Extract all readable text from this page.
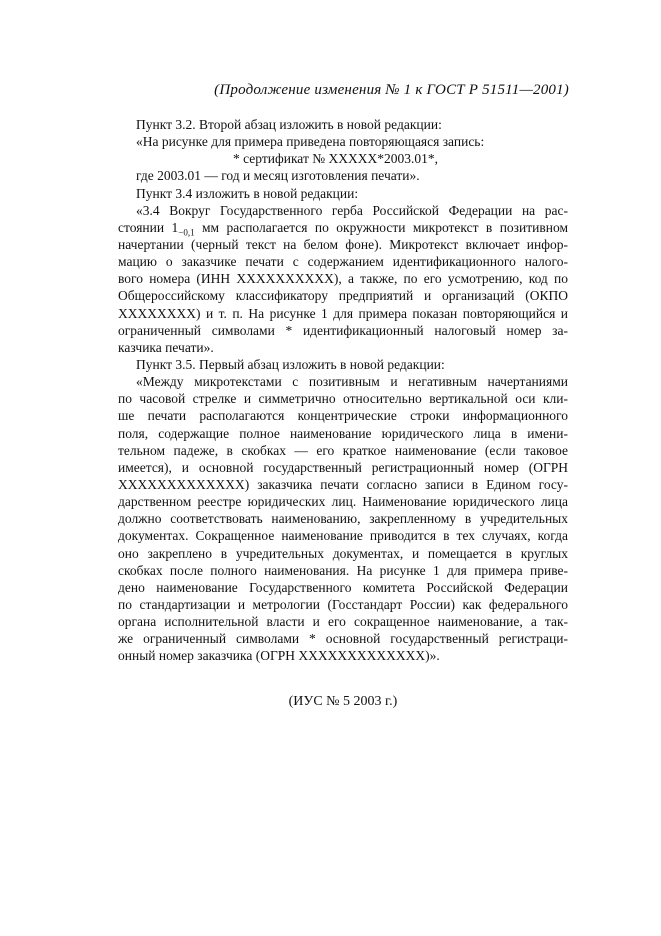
(Продолжение изменения № 1 к ГОСТ Р 51511—2001)
Пункт 3.2. Второй абзац изложить в новой редакции:
«На рисунке для примера приведена повторяющаяся запись:
* сертификат № XXXXX*2003.01*,
где 2003.01 — год и месяц изготовления печати».
Пункт 3.4 изложить в новой редакции:
«3.4 Вокруг Государственного герба Российской Федерации на рас-
стоянии $1_{-0,1}$ мм располагается по окружности микротекст в позитивном
начертании (черный текст на белом фоне). Микротекст включает инфор-
мацию о заказчике печати с содержанием идентификационного налого-
вого номера (ИНН XXXXXXXXXX), а также, по его усмотрению, код по
Общероссийскому классификатору предприятий и организаций (ОКПО
XXXXXXXX) и т. п. На рисунке 1 для примера показан повторяющийся и
ограниченный символами * идентификационный налоговый номер за-
казчика печати».
Пункт 3.5. Первый абзац изложить в новой редакции:
«Между микротекстами с позитивным и негативным начертаниями
по часовой стрелке и симметрично относительно вертикальной оси кли-
ше печати располагаются концентрические строки информационного
поля, содержащие полное наименование юридического лица в имени-
тельном падеже, в скобках — его краткое наименование (если таковое
имеется), и основной государственный регистрационный номер (ОГРН
XXXXXXXXXXXXX) заказчика печати согласно записи в Едином госу-
дарственном реестре юридических лиц. Наименование юридического лица
должно соответствовать наименованию, закрепленному в учредительных
документах. Сокращенное наименование приводится в тех случаях, когда
оно закреплено в учредительных документах, и помещается в круглых
скобках после полного наименования. На рисунке 1 для примера приве-
дено наименование Государственного комитета Российской Федерации
по стандартизации и метрологии (Госстандарт России) как федерального
органа исполнительной власти и его сокращенное наименование, а так-
же ограниченный символами * основной государственный регистраци-
онный номер заказчика (ОГРН XXXXXXXXXXXXX)».
(ИУС № 5 2003 г.)
